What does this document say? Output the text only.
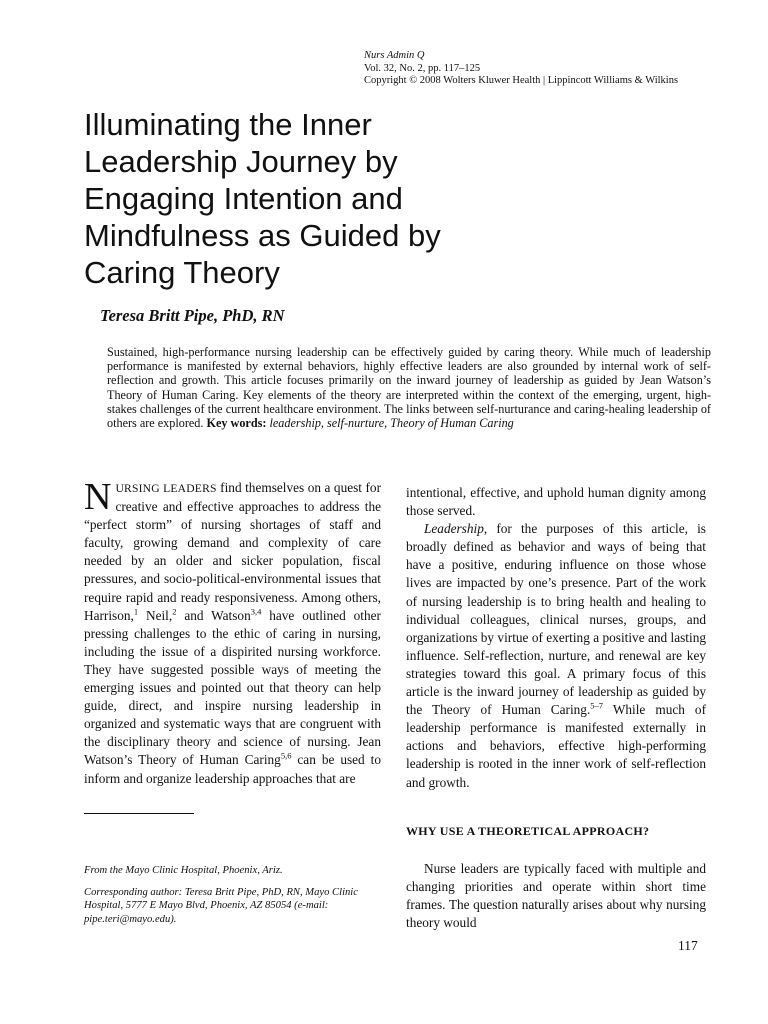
Nurs Admin Q
Vol. 32, No. 2, pp. 117–125
Copyright © 2008 Wolters Kluwer Health | Lippincott Williams & Wilkins
Illuminating the Inner
Leadership Journey by
Engaging Intention and
Mindfulness as Guided by
Caring Theory
Teresa Britt Pipe, PhD, RN
Sustained, high-performance nursing leadership can be effectively guided by caring theory. While much of leadership performance is manifested by external behaviors, highly effective leaders are also grounded by internal work of self-reflection and growth. This article focuses primarily on the inward journey of leadership as guided by Jean Watson’s Theory of Human Caring. Key elements of the theory are interpreted within the context of the emerging, urgent, high-stakes challenges of the current healthcare environment. The links between self-nurturance and caring-healing leadership of others are explored. Key words: leadership, self-nurture, Theory of Human Caring
NURSING LEADERS find themselves on a quest for creative and effective approaches to address the “perfect storm” of nursing shortages of staff and faculty, growing demand and complexity of care needed by an older and sicker population, fiscal pressures, and socio-political-environmental issues that require rapid and ready responsiveness. Among others, Harrison,$^1$ Neil,$^2$ and Watson$^{3,4}$ have outlined other pressing challenges to the ethic of caring in nursing, including the issue of a dispirited nursing workforce. They have suggested possible ways of meeting the emerging issues and pointed out that theory can help guide, direct, and inspire nursing leadership in organized and systematic ways that are congruent with the disciplinary theory and science of nursing. Jean Watson’s Theory of Human Caring$^{5,6}$ can be used to inform and organize leadership approaches that are

From the Mayo Clinic Hospital, Phoenix, Ariz.

Corresponding author: Teresa Britt Pipe, PhD, RN, Mayo Clinic Hospital, 5777 E Mayo Blvd, Phoenix, AZ 85054 (e-mail: pipe.teri@mayo.edu).

intentional, effective, and uphold human dignity among those served.

Leadership, for the purposes of this article, is broadly defined as behavior and ways of being that have a positive, enduring influence on those whose lives are impacted by one’s presence. Part of the work of nursing leadership is to bring health and healing to individual colleagues, clinical nurses, groups, and organizations by virtue of exerting a positive and lasting influence. Self-reflection, nurture, and renewal are key strategies toward this goal. A primary focus of this article is the inward journey of leadership as guided by the Theory of Human Caring.$^{5-7}$ While much of leadership performance is manifested externally in actions and behaviors, effective high-performing leadership is rooted in the inner work of self-reflection and growth.

WHY USE A THEORETICAL APPROACH?
Nurse leaders are typically faced with multiple and changing priorities and operate within short time frames. The question naturally arises about why nursing theory would
117
